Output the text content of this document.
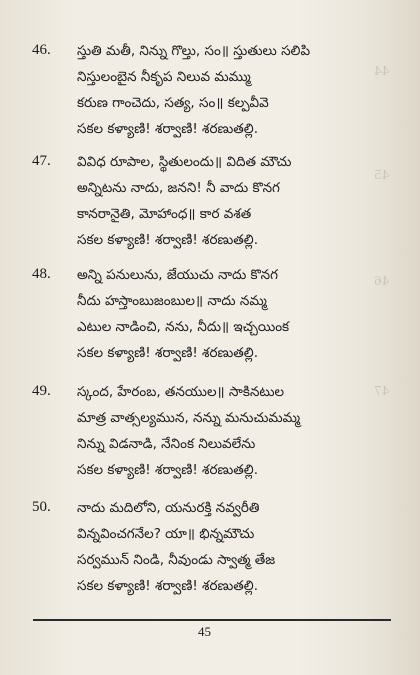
44
45
46
47
46. స్తుతి మతీ, నిన్ను గొల్తు, సం॥ స్తుతులు సలిపి
నిస్తులంబైన నీకృప నిలువ మమ్ము
కరుణ గాంచెదు, సత్య, సం॥ కల్పవీవె
సకల కళ్యాణి! శర్వాణి! శరణుతల్లి.
47. వివిధ రూపాల, స్థితులందు॥ విదిత మౌచు
అన్నిటను నాదు, జనని! నీ వాదు కొనగ
కానరానైతి, మోహాంధ॥ కార వశత
సకల కళ్యాణి! శర్వాణి! శరణుతల్లి.
48. అన్ని పనులును, జేయుచు నాదు కొనగ
నీదు హస్తాంబుజంబుల॥ నాదు నమ్మ
ఎటుల నాడించి, నను, నీదు॥ ఇచ్చయింక
సకల కళ్యాణి! శర్వాణి! శరణుతల్లి.
49. స్కంద, హేరంబ, తనయుల॥ సాకినటుల
మాత్ర వాత్సల్యమున, నన్ను మనుచుమమ్మ
నిన్ను విడనాడి, నేనింక నిలువలేను
సకల కళ్యాణి! శర్వాణి! శరణుతల్లి.
50. నాదు మదిలోని, యనురక్తి నవ్వరీతి
విన్నవించగనేల? యా॥ భిన్నమౌచు
సర్వమున్ నిండి, నీవుండు స్వాత్మ తేజ
సకల కళ్యాణి! శర్వాణి! శరణుతల్లి.
45
